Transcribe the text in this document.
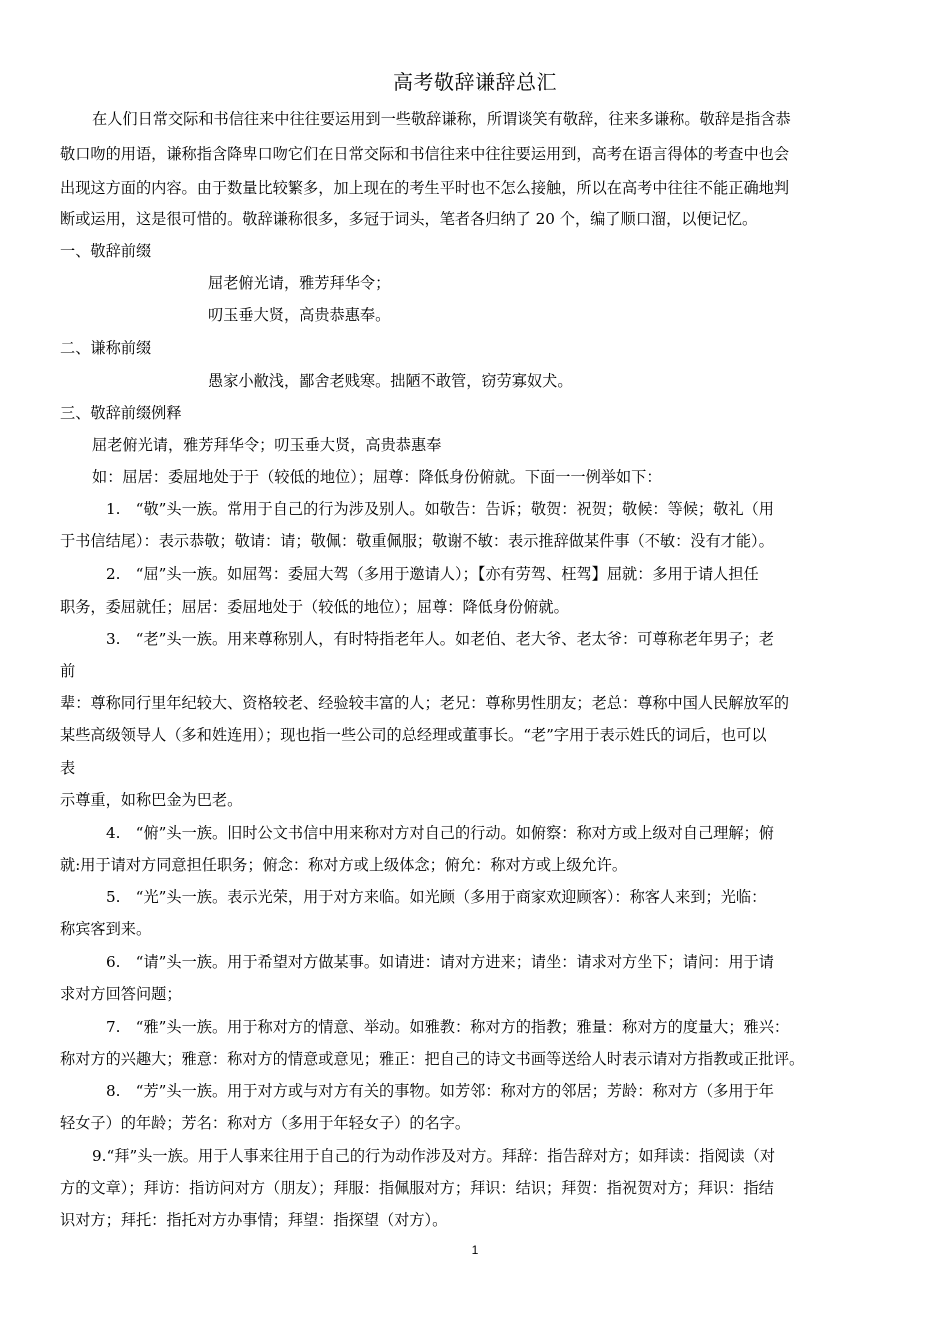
高考敬辞谦辞总汇
在人们日常交际和书信往来中往往要运用到一些敬辞谦称，所谓谈笑有敬辞，往来多谦称。敬辞是指含恭
敬口吻的用语，谦称指含降卑口吻它们在日常交际和书信往来中往往要运用到，高考在语言得体的考查中也会
出现这方面的内容。由于数量比较繁多，加上现在的考生平时也不怎么接触，所以在高考中往往不能正确地判
断或运用，这是很可惜的。敬辞谦称很多，多冠于词头，笔者各归纳了 20 个，编了顺口溜，以便记忆。
一、敬辞前缀
屈老俯光请，雅芳拜华令；
叨玉垂大贤，高贵恭惠奉。
二、谦称前缀
愚家小敝浅，鄙舍老贱寒。拙陋不敢管，窃劳寡奴犬。
三、敬辞前缀例释
屈老俯光请，雅芳拜华令；叨玉垂大贤，高贵恭惠奉
如：屈居：委屈地处于于（较低的地位）；屈尊：降低身份俯就。下面一一例举如下：
1.　“敬”头一族。常用于自己的行为涉及别人。如敬告：告诉；敬贺：祝贺；敬候：等候；敬礼（用
于书信结尾）：表示恭敬；敬请：请；敬佩：敬重佩服；敬谢不敏：表示推辞做某件事（不敏：没有才能）。
2.　“屈”头一族。如屈驾：委屈大驾（多用于邀请人）；【亦有劳驾、枉驾】屈就：多用于请人担任
职务，委屈就任；屈居：委屈地处于（较低的地位）；屈尊：降低身份俯就。
3.　“老”头一族。用来尊称别人，有时特指老年人。如老伯、老大爷、老太爷：可尊称老年男子；老
前
辈：尊称同行里年纪较大、资格较老、经验较丰富的人；老兄：尊称男性朋友；老总：尊称中国人民解放军的
某些高级领导人（多和姓连用）；现也指一些公司的总经理或董事长。“老”字用于表示姓氏的词后，也可以
表
示尊重，如称巴金为巴老。
4.　“俯”头一族。旧时公文书信中用来称对方对自己的行动。如俯察：称对方或上级对自己理解；俯
就:用于请对方同意担任职务；俯念：称对方或上级体念；俯允：称对方或上级允许。
5.　“光”头一族。表示光荣，用于对方来临。如光顾（多用于商家欢迎顾客）：称客人来到；光临：
称宾客到来。
6.　“请”头一族。用于希望对方做某事。如请进：请对方进来；请坐：请求对方坐下；请问：用于请
求对方回答问题；
7.　“雅”头一族。用于称对方的情意、举动。如雅教：称对方的指教；雅量：称对方的度量大；雅兴：
称对方的兴趣大；雅意：称对方的情意或意见；雅正：把自己的诗文书画等送给人时表示请对方指教或正批评。
8.　“芳”头一族。用于对方或与对方有关的事物。如芳邻：称对方的邻居；芳龄：称对方（多用于年
轻女子）的年龄；芳名：称对方（多用于年轻女子）的名字。
9.“拜”头一族。用于人事来往用于自己的行为动作涉及对方。拜辞：指告辞对方；如拜读：指阅读（对
方的文章）；拜访：指访问对方（朋友）；拜服：指佩服对方；拜识：结识；拜贺：指祝贺对方；拜识：指结
识对方；拜托：指托对方办事情；拜望：指探望（对方）。
1
